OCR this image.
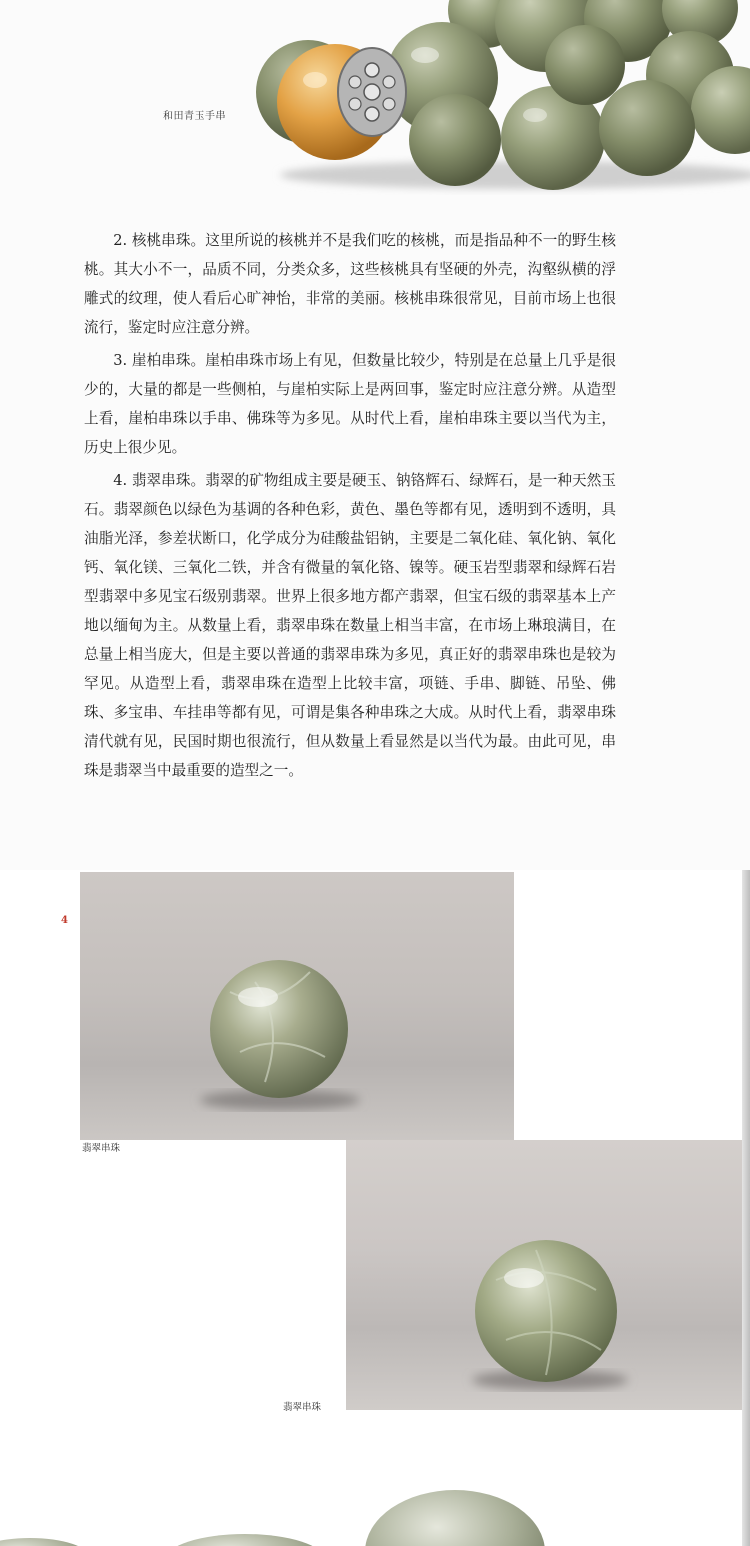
和田青玉手串

2. 核桃串珠。这里所说的核桃并不是我们吃的核桃，而是指品种不一的野生核桃。其大小不一，品质不同，分类众多，这些核桃具有坚硬的外壳，沟壑纵横的浮雕式的纹理，使人看后心旷神怡，非常的美丽。核桃串珠很常见，目前市场上也很流行，鉴定时应注意分辨。

3. 崖柏串珠。崖柏串珠市场上有见，但数量比较少，特别是在总量上几乎是很少的，大量的都是一些侧柏，与崖柏实际上是两回事，鉴定时应注意分辨。从造型上看，崖柏串珠以手串、佛珠等为多见。从时代上看，崖柏串珠主要以当代为主，历史上很少见。

4. 翡翠串珠。翡翠的矿物组成主要是硬玉、钠铬辉石、绿辉石，是一种天然玉石。翡翠颜色以绿色为基调的各种色彩，黄色、墨色等都有见，透明到不透明，具油脂光泽，参差状断口，化学成分为硅酸盐铝钠，主要是二氧化硅、氧化钠、氧化钙、氧化镁、三氧化二铁，并含有微量的氧化铬、镍等。硬玉岩型翡翠和绿辉石岩型翡翠中多见宝石级别翡翠。世界上很多地方都产翡翠，但宝石级的翡翠基本上产地以缅甸为主。从数量上看，翡翠串珠在数量上相当丰富，在市场上琳琅满目，在总量上相当庞大，但是主要以普通的翡翠串珠为多见，真正好的翡翠串珠也是较为罕见。从造型上看，翡翠串珠在造型上比较丰富，项链、手串、脚链、吊坠、佛珠、多宝串、车挂串等都有见，可谓是集各种串珠之大成。从时代上看，翡翠串珠清代就有见，民国时期也很流行，但从数量上看显然是以当代为最。由此可见，串珠是翡翠当中最重要的造型之一。

4
翡翠串珠
翡翠串珠
